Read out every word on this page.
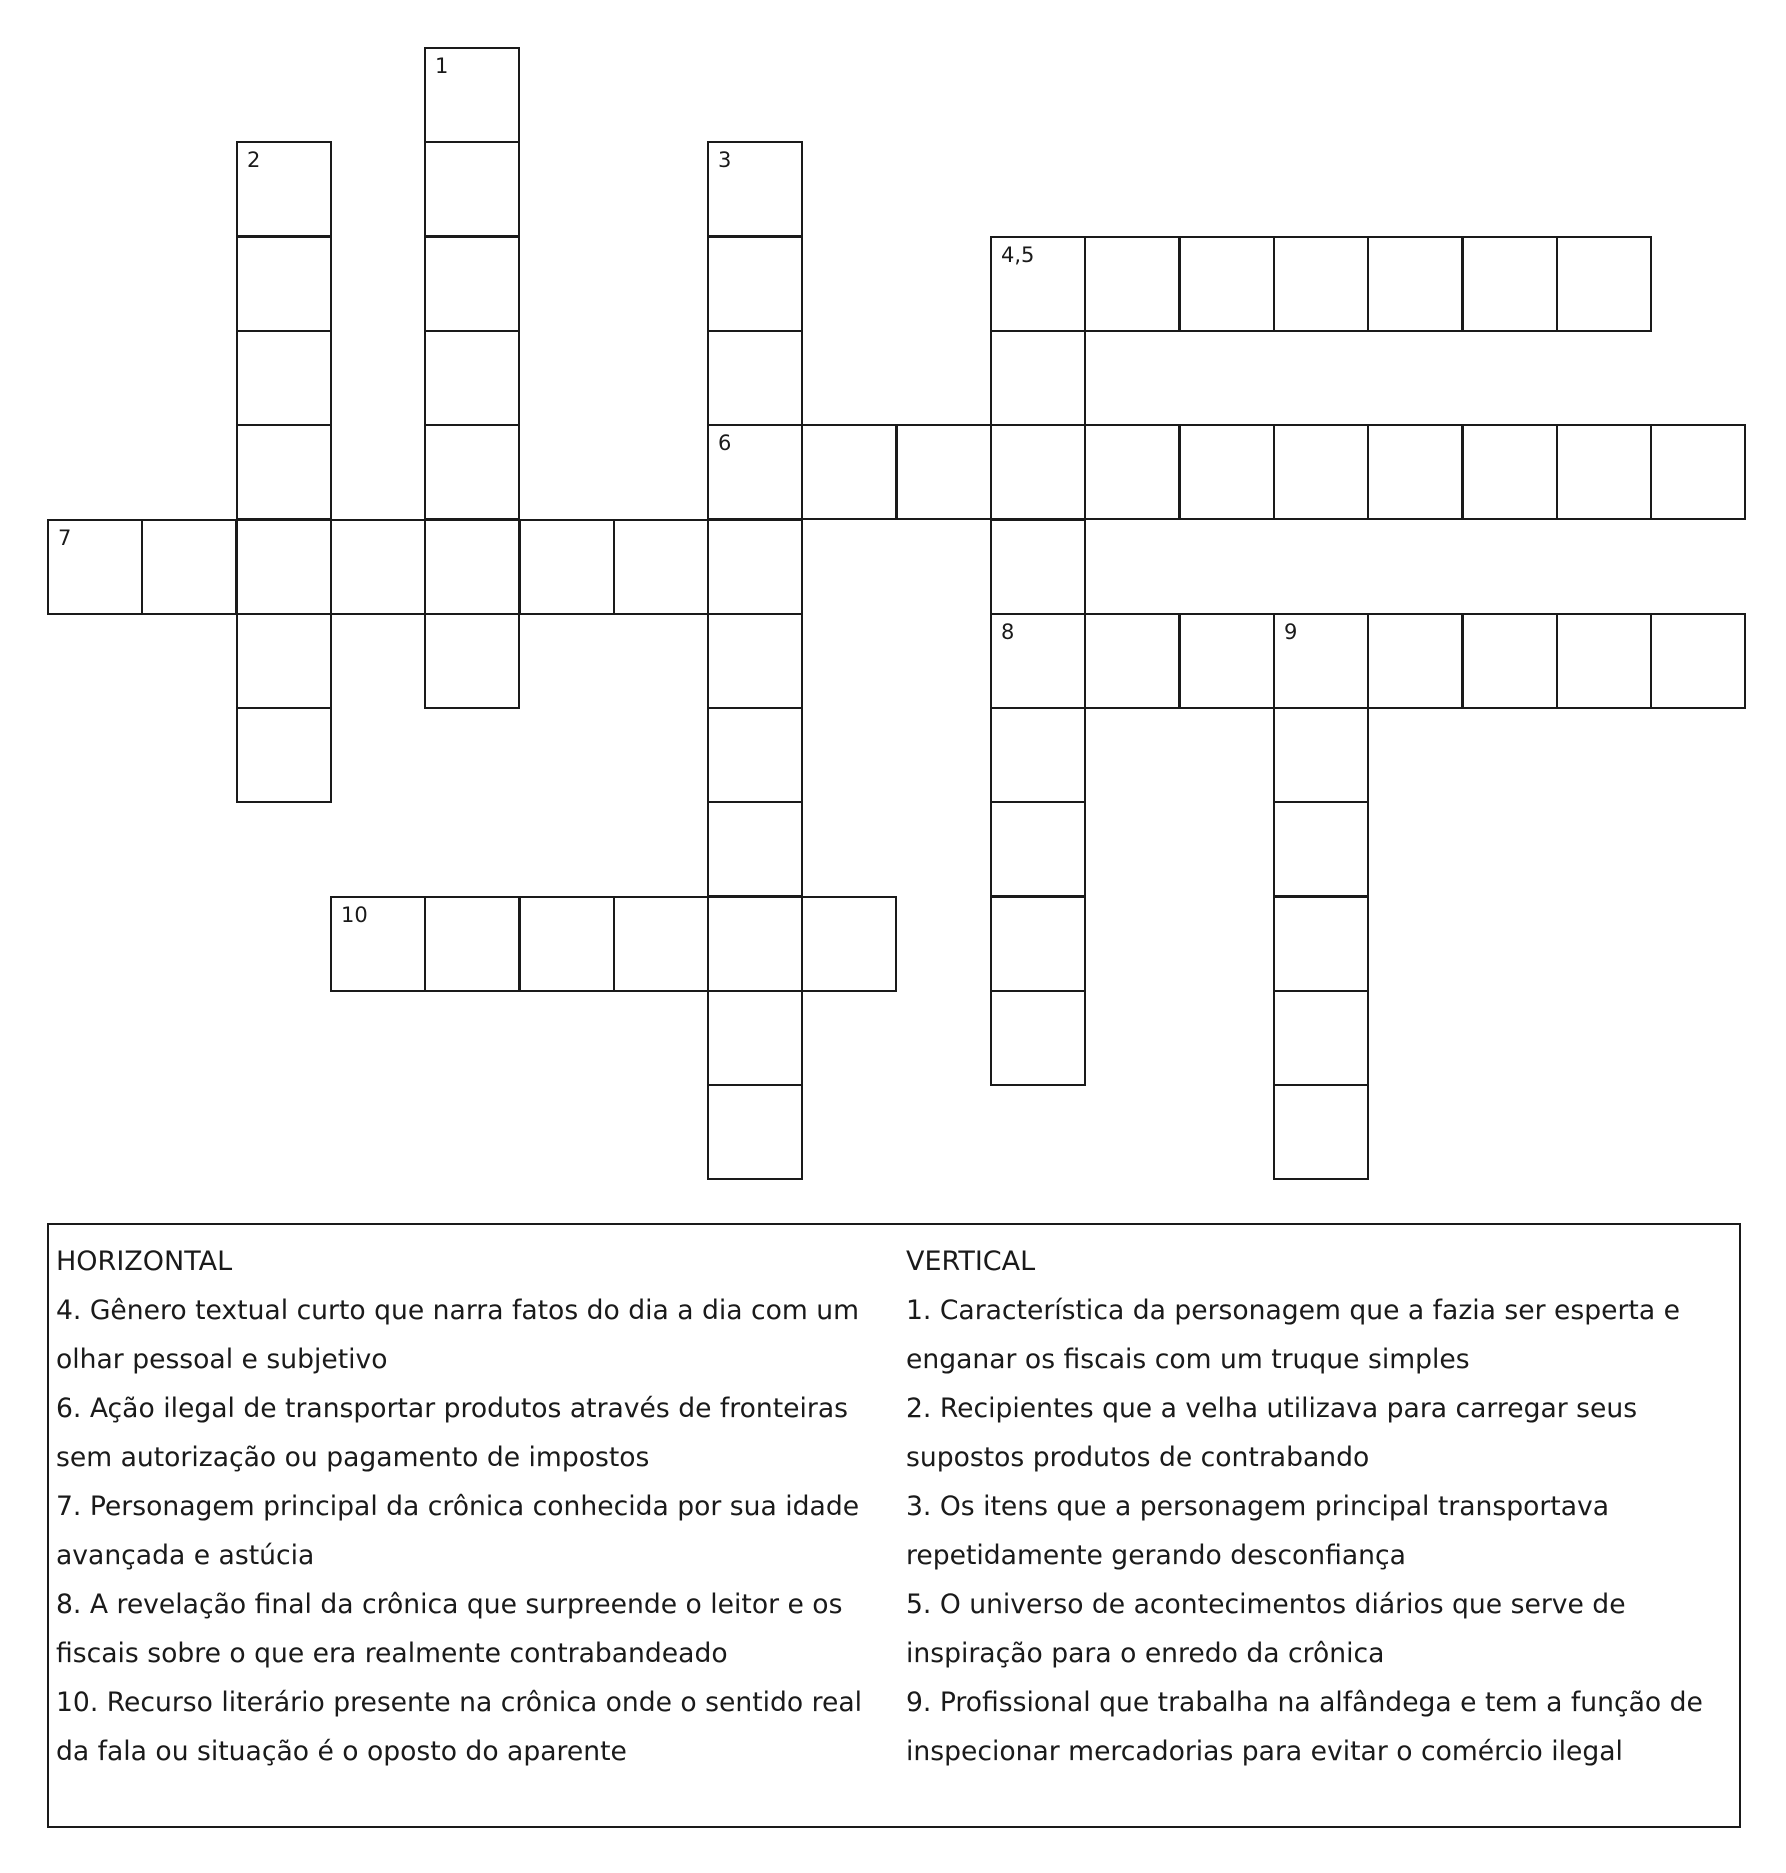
1
2	3
6
4,5
8
7
9
10
HORIZONTAL
4. Gênero textual curto que narra fatos do dia a dia com um
olhar pessoal e subjetivo
6. Ação ilegal de transportar produtos através de fronteiras
sem autorização ou pagamento de impostos
7. Personagem principal da crônica conhecida por sua idade
avançada e astúcia
8. A revelação final da crônica que surpreende o leitor e os
fiscais sobre o que era realmente contrabandeado
10. Recurso literário presente na crônica onde o sentido real
da fala ou situação é o oposto do aparente
VERTICAL
1. Característica da personagem que a fazia ser esperta e
enganar os fiscais com um truque simples
2. Recipientes que a velha utilizava para carregar seus
supostos produtos de contrabando
3. Os itens que a personagem principal transportava
repetidamente gerando desconfiança
5. O universo de acontecimentos diários que serve de
inspiração para o enredo da crônica
9. Profissional que trabalha na alfândega e tem a função de
inspecionar mercadorias para evitar o comércio ilegal
